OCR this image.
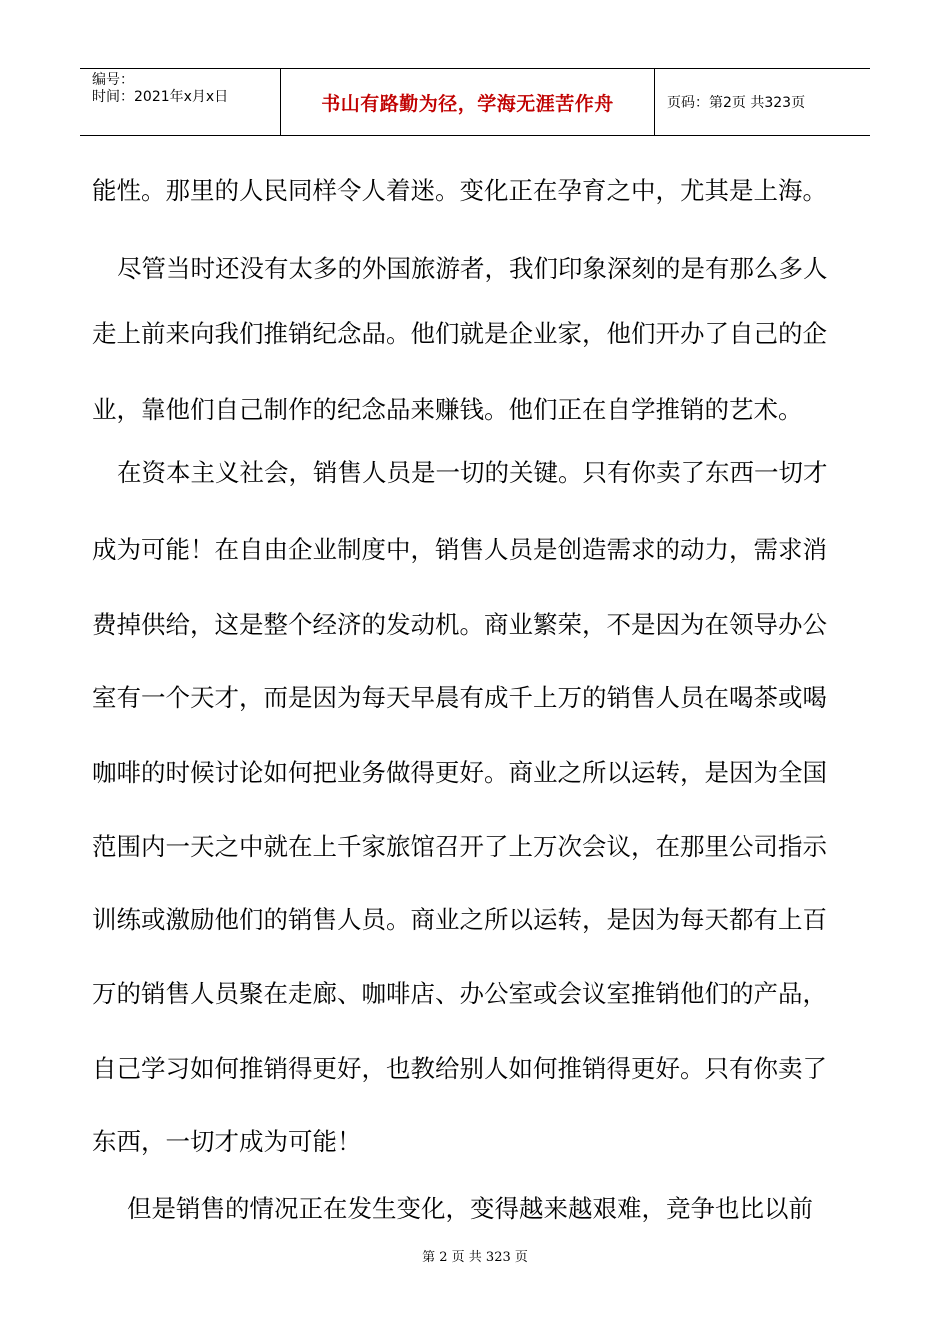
编号：
时间：2021年x月x日	书山有路勤为径，学海无涯苦作舟	页码：第2页 共323页
能性。那里的人民同样令人着迷。变化正在孕育之中，尤其是上海。
尽管当时还没有太多的外国旅游者，我们印象深刻的是有那么多人
走上前来向我们推销纪念品。他们就是企业家，他们开办了自己的企
业，靠他们自己制作的纪念品来赚钱。他们正在自学推销的艺术。
在资本主义社会，销售人员是一切的关键。只有你卖了东西一切才
成为可能！在自由企业制度中，销售人员是创造需求的动力，需求消
费掉供给，这是整个经济的发动机。商业繁荣，不是因为在领导办公
室有一个天才，而是因为每天早晨有成千上万的销售人员在喝茶或喝
咖啡的时候讨论如何把业务做得更好。商业之所以运转，是因为全国
范围内一天之中就在上千家旅馆召开了上万次会议，在那里公司指示
训练或激励他们的销售人员。商业之所以运转，是因为每天都有上百
万的销售人员聚在走廊、咖啡店、办公室或会议室推销他们的产品，
自己学习如何推销得更好，也教给别人如何推销得更好。只有你卖了
东西，一切才成为可能！
但是销售的情况正在发生变化，变得越来越艰难，竞争也比以前
第 2 页 共 323 页
